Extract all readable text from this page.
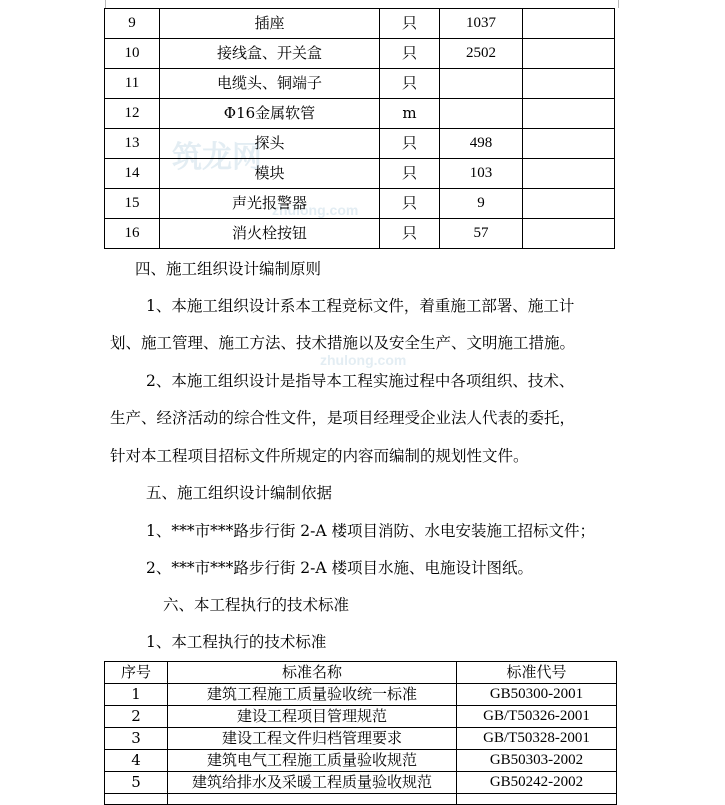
筑龙网
zhulong.com
zhulong.com
9	插座	只	1037	
10	接线盒、开关盒	只	2502	
11	电缆头、铜端子	只		
12	Φ16金属软管	m		
13	探头	只	498	
14	模块	只	103	
15	声光报警器	只	9	
16	消火栓按钮	只	57	
四、施工组织设计编制原则
1、本施工组织设计系本工程竞标文件，着重施工部署、施工计
划、施工管理、施工方法、技术措施以及安全生产、文明施工措施。
2、本施工组织设计是指导本工程实施过程中各项组织、技术、
生产、经济活动的综合性文件，是项目经理受企业法人代表的委托，
针对本工程项目招标文件所规定的内容而编制的规划性文件。
五、施工组织设计编制依据
1、***市***路步行街 2-A 楼项目消防、水电安装施工招标文件；
2、***市***路步行街 2-A 楼项目水施、电施设计图纸。
六、本工程执行的技术标准
1、本工程执行的技术标准
序号	标准名称	标准代号
1	建筑工程施工质量验收统一标准	GB50300-2001
2	建设工程项目管理规范	GB/T50326-2001
3	建设工程文件归档管理要求	GB/T50328-2001
4	建筑电气工程施工质量验收规范	GB50303-2002
5	建筑给排水及采暖工程质量验收规范	GB50242-2002
